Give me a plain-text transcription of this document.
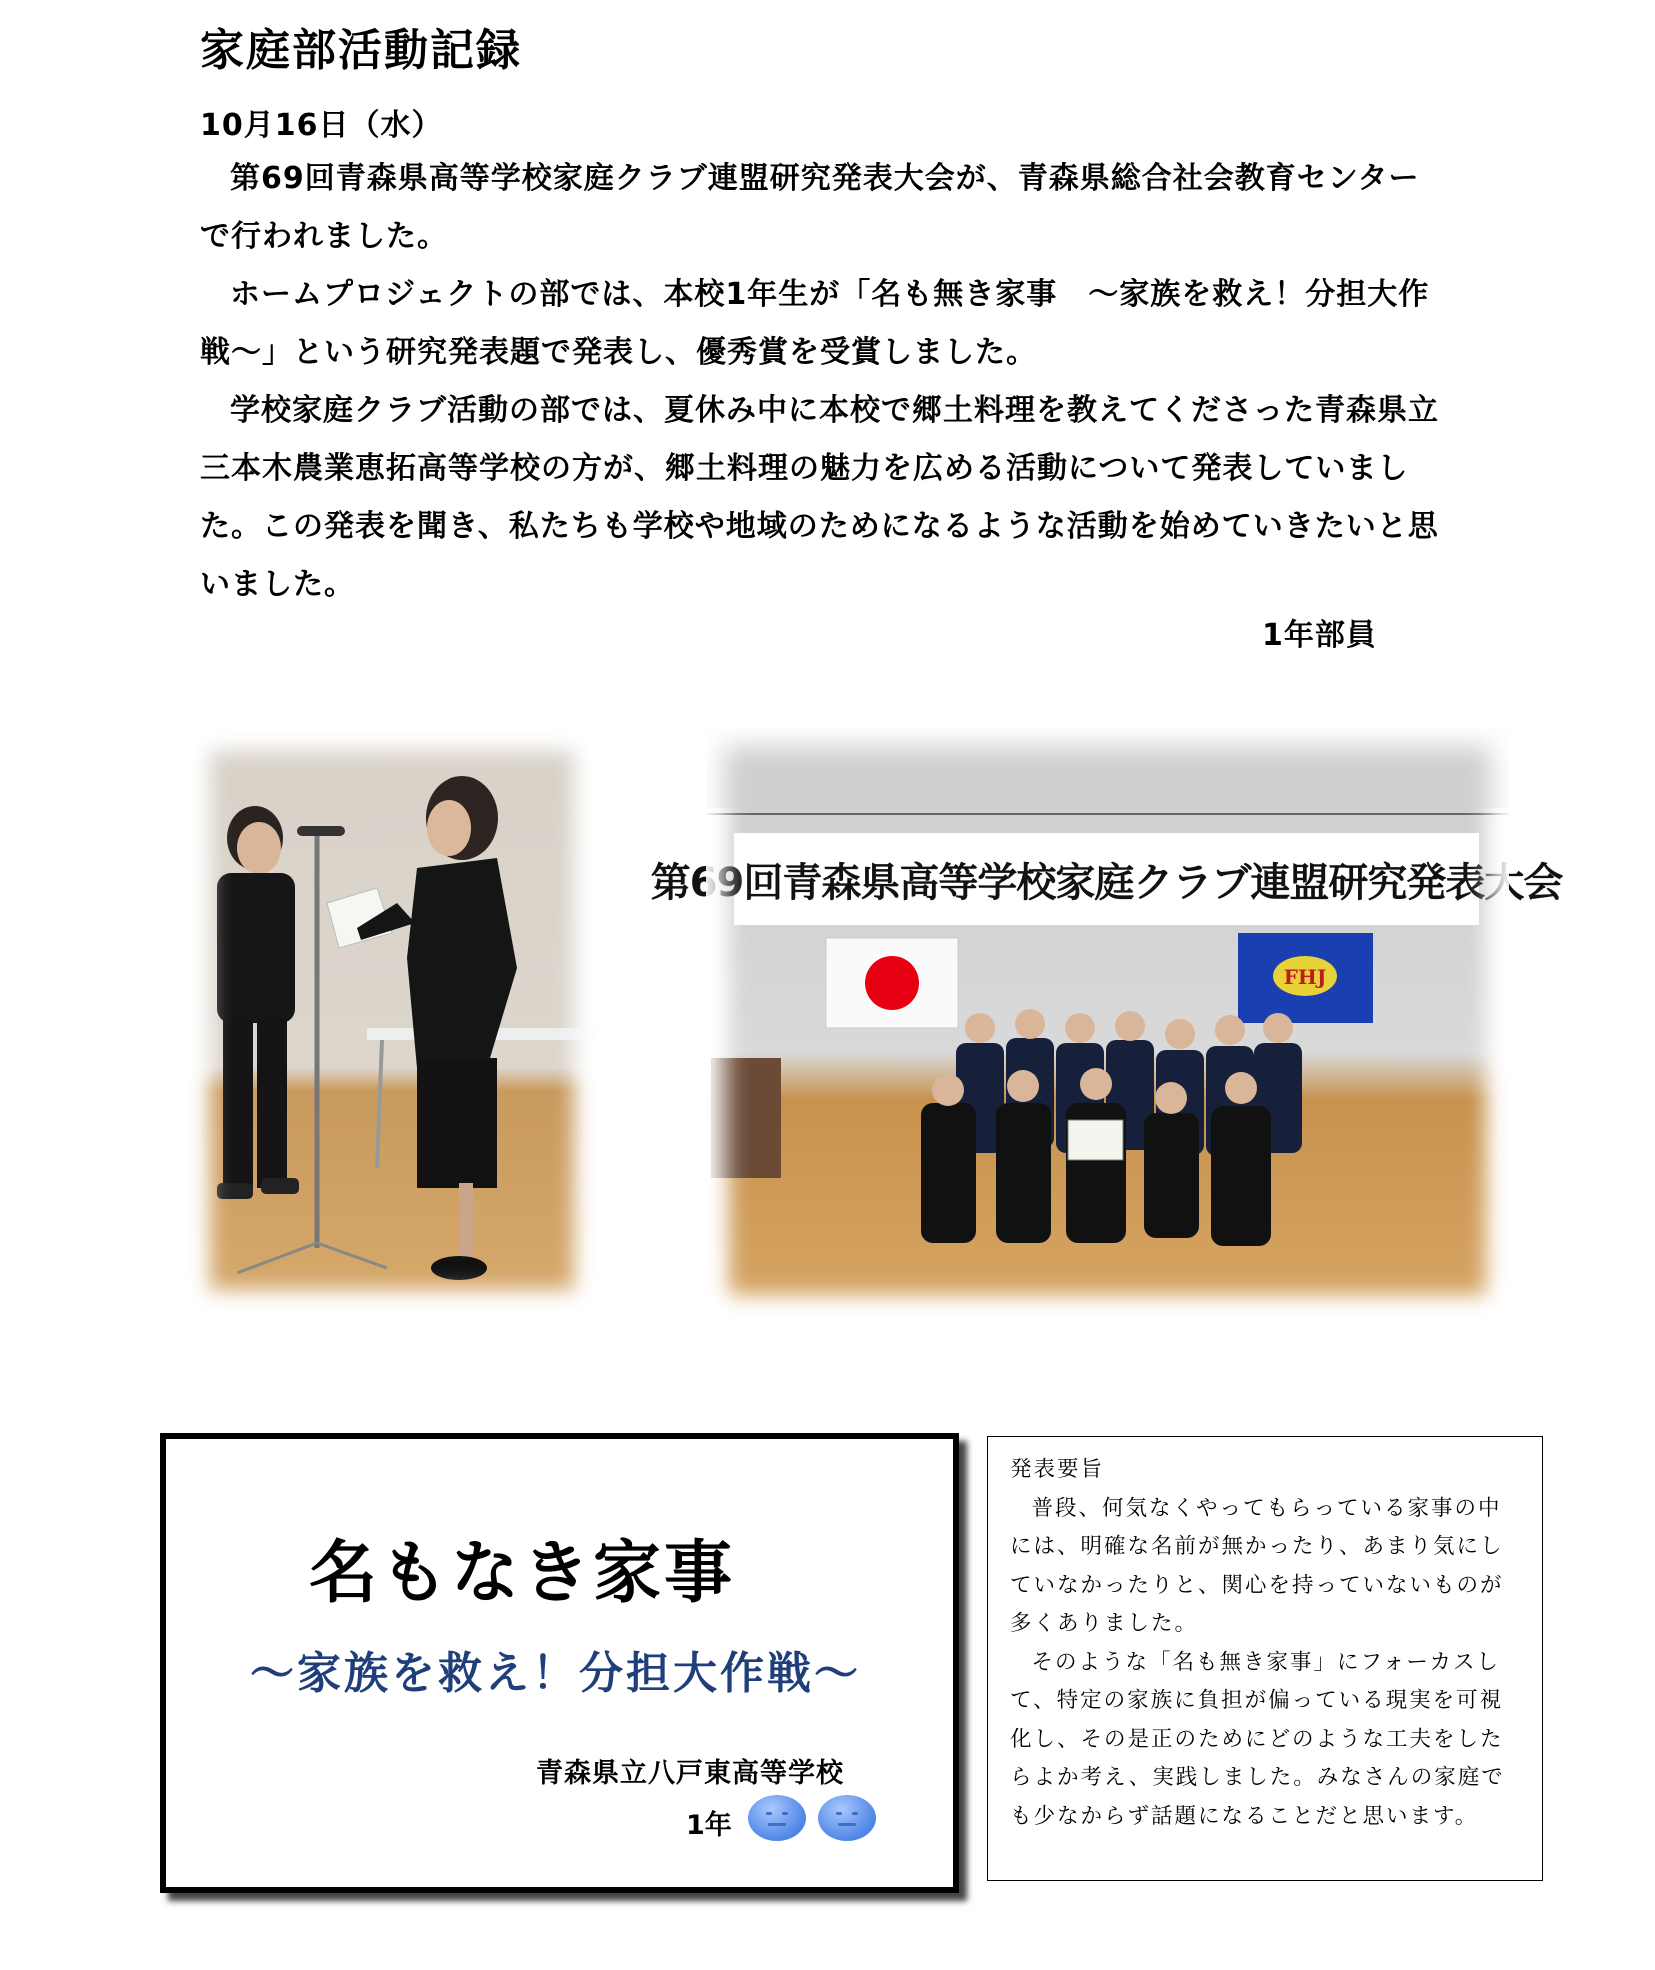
家庭部活動記録
10月16日（水）

第69回青森県高等学校家庭クラブ連盟研究発表大会が、青森県総合社会教育センターで行われました。

ホームプロジェクトの部では、本校1年生が「名も無き家事　～家族を救え！分担大作戦～」という研究発表題で発表し、優秀賞を受賞しました。

学校家庭クラブ活動の部では、夏休み中に本校で郷土料理を教えてくださった青森県立三本木農業恵拓高等学校の方が、郷土料理の魅力を広める活動について発表していました。この発表を聞き、私たちも学校や地域のためになるような活動を始めていきたいと思いました。

1年部員
FHJ
第69回青森県高等学校家庭クラブ連盟研究発表大会
名もなき家事
～家族を救え！分担大作戦～
青森県立八戸東高等学校
1年
発表要旨

普段、何気なくやってもらっている家事の中には、明確な名前が無かったり、あまり気にしていなかったりと、関心を持っていないものが多くありました。

そのような「名も無き家事」にフォーカスして、特定の家族に負担が偏っている現実を可視化し、その是正のためにどのような工夫をしたらよか考え、実践しました。みなさんの家庭でも少なからず話題になることだと思います。
